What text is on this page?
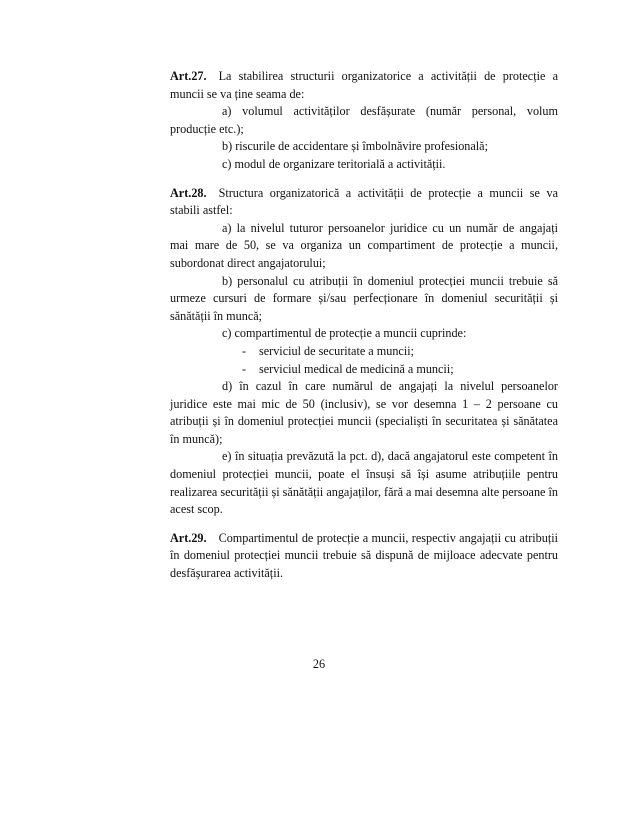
Art.27. La stabilirea structurii organizatorice a activității de protecție a muncii se va ține seama de:

a) volumul activităților desfășurate (număr personal, volum producție etc.);

b) riscurile de accidentare și îmbolnăvire profesională;

c) modul de organizare teritorială a activității.

Art.28. Structura organizatorică a activității de protecție a muncii se va stabili astfel:

a) la nivelul tuturor persoanelor juridice cu un număr de angajați mai mare de 50, se va organiza un compartiment de protecție a muncii, subordonat direct angajatorului;

b) personalul cu atribuții în domeniul protecției muncii trebuie să urmeze cursuri de formare și/sau perfecționare în domeniul securității și sănătății în muncă;

c) compartimentul de protecție a muncii cuprinde:

- serviciul de securitate a muncii;

- serviciul medical de medicină a muncii;

d) în cazul în care numărul de angajați la nivelul persoanelor juridice este mai mic de 50 (inclusiv), se vor desemna 1 – 2 persoane cu atribuții și în domeniul protecției muncii (specialiști în securitatea și sănătatea în muncă);

e) în situația prevăzută la pct. d), dacă angajatorul este competent în domeniul protecției muncii, poate el însuși să își asume atribuțiile pentru realizarea securității și sănătății angajaților, fără a mai desemna alte persoane în acest scop.

Art.29. Compartimentul de protecție a muncii, respectiv angajații cu atribuții în domeniul protecției muncii trebuie să dispună de mijloace adecvate pentru desfășurarea activității.

26
